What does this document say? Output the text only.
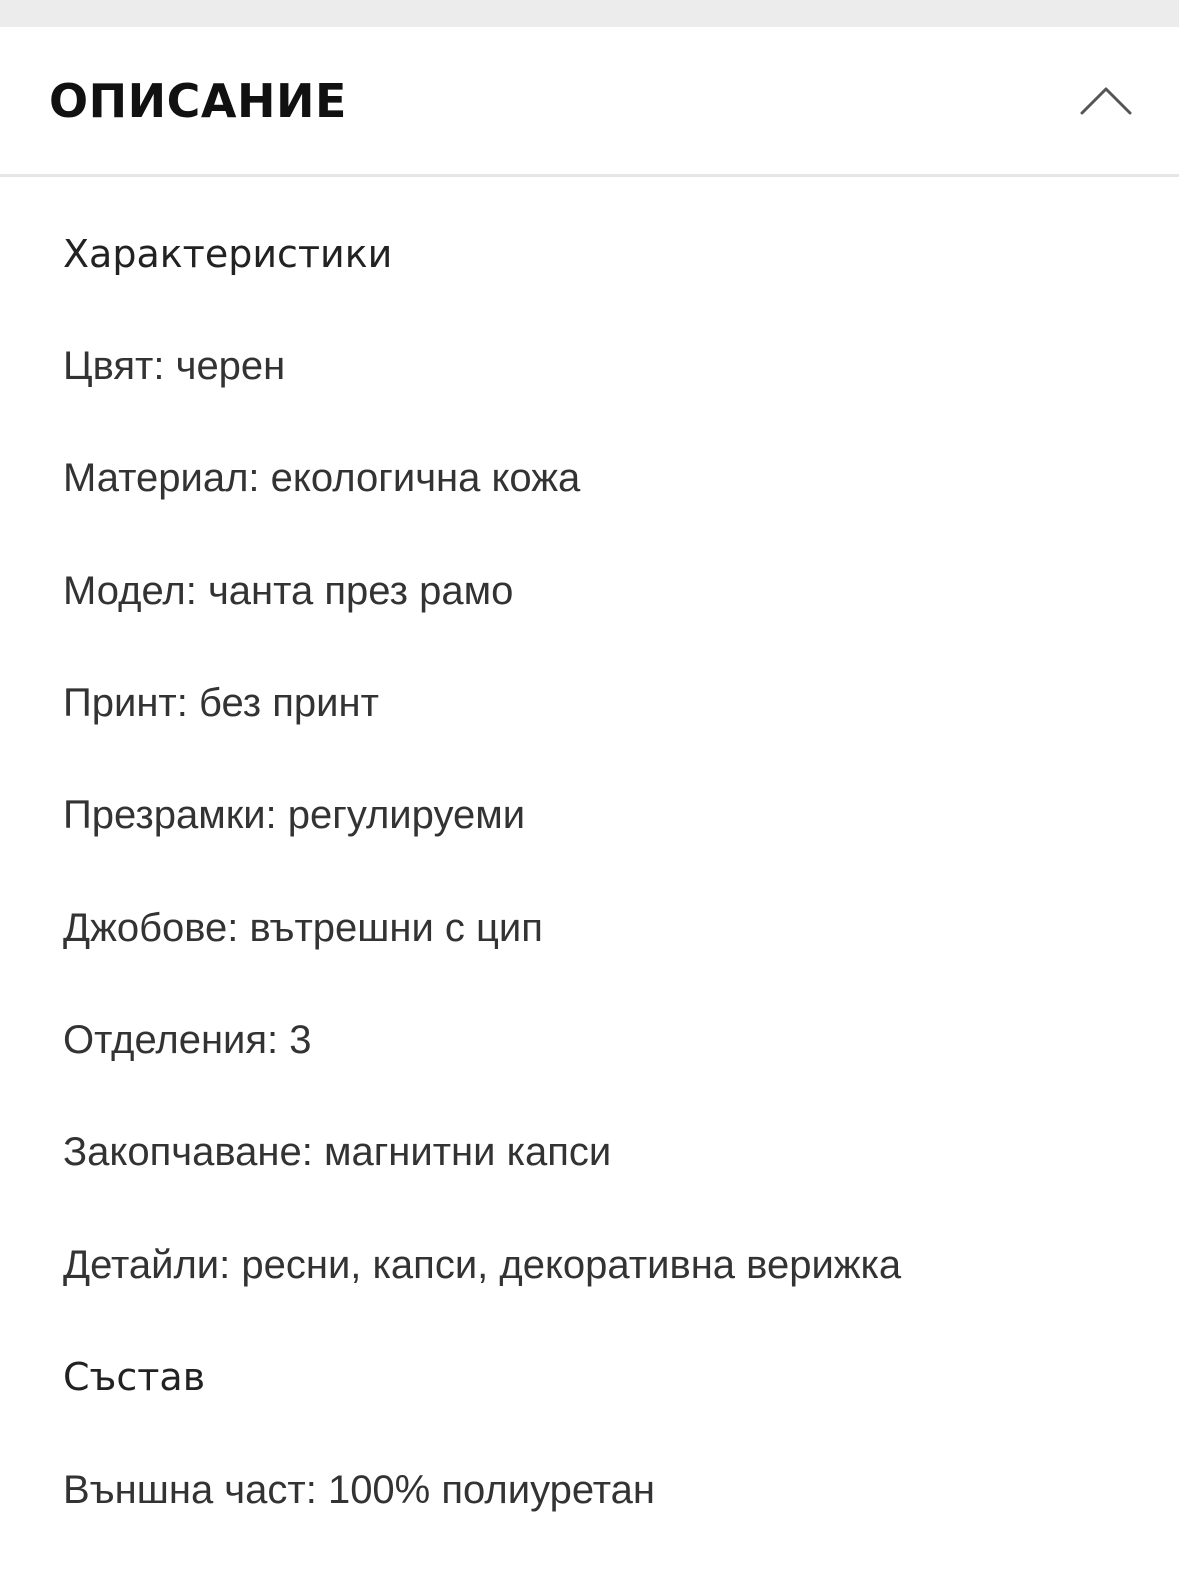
ОПИСАНИЕ
Характеристики
Цвят: черен
Материал: екологична кожа
Модел: чанта през рамо
Принт: без принт
Презрамки: регулируеми
Джобове: вътрешни с цип
Отделения: 3
Закопчаване: магнитни капси
Детайли: ресни, капси, декоративна верижка
Състав
Външна част: 100% полиуретан
